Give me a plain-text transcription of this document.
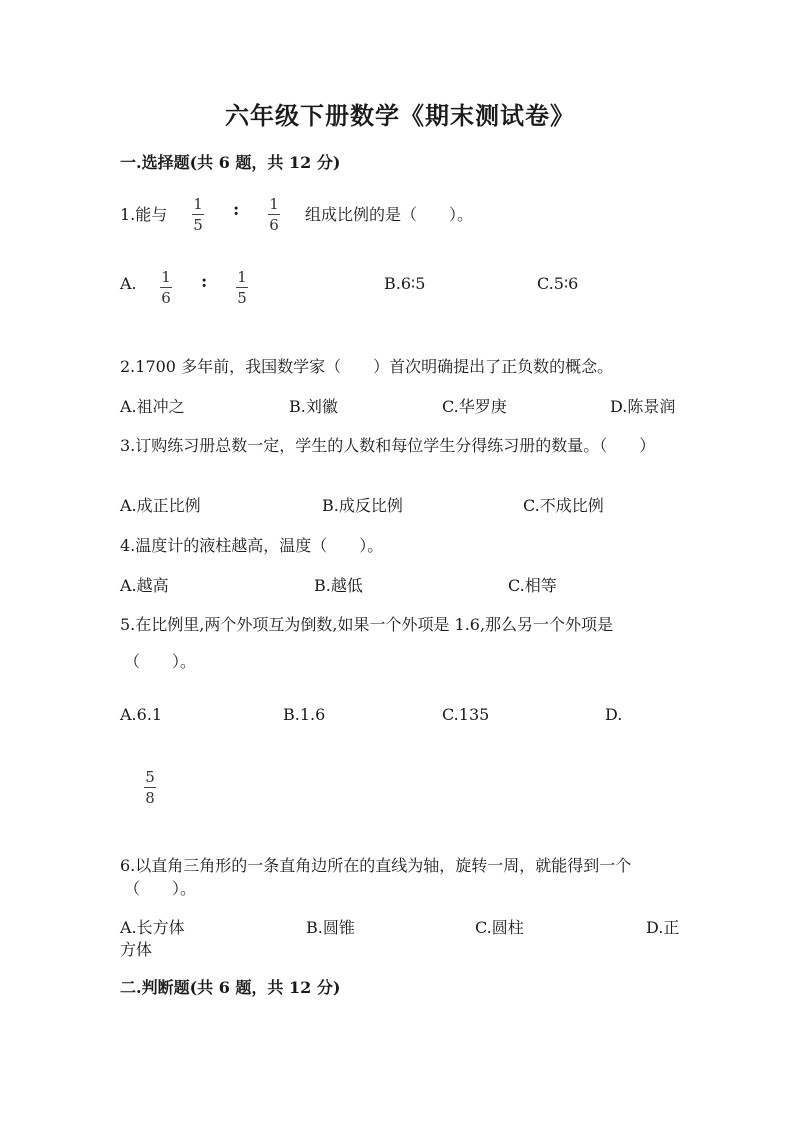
六年级下册数学《期末测试卷》
一.选择题(共 6 题，共 12 分)
1.能与
1
5
: 1
6
组成比例的是（　　）。
A. 1
6
: 1
5
B.6∶5	C.5∶6
2.1700 多年前，我国数学家（　　）首次明确提出了正负数的概念。
A.祖冲之	B.刘徽	C.华罗庚	D.陈景润
3.订购练习册总数一定，学生的人数和每位学生分得练习册的数量。（　　）
A.成正比例	B.成反比例	C.不成比例
4.温度计的液柱越高，温度（　　）。
A.越高	B.越低	C.相等
5.在比例里,两个外项互为倒数,如果一个外项是 1.6,那么另一个外项是
（　　）。
A.6.1	B.1.6	C.135	D.
5
8
6.以直角三角形的一条直角边所在的直线为轴，旋转一周，就能得到一个
（　　）。
A.长方体	B.圆锥	C.圆柱	D.正
方体
二.判断题(共 6 题，共 12 分)
